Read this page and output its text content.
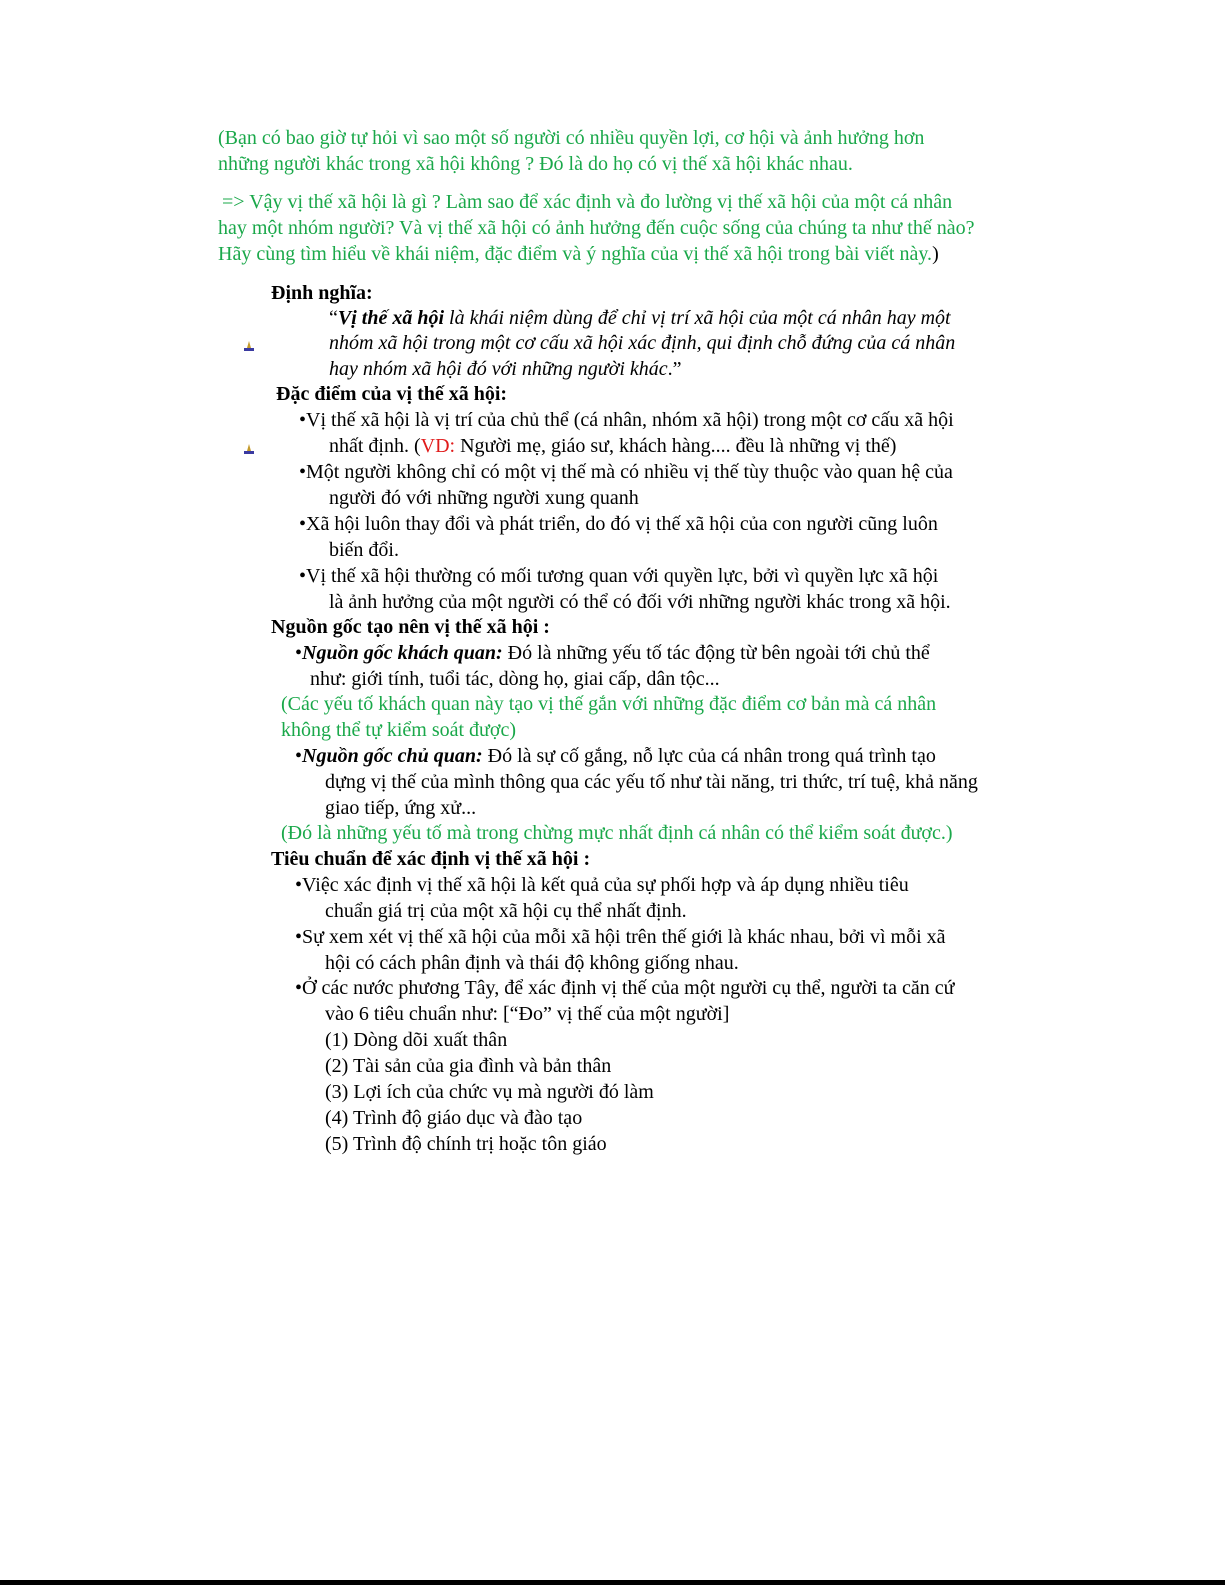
(Bạn có bao giờ tự hỏi vì sao một số người có nhiều quyền lợi, cơ hội và ảnh hưởng hơn
những người khác trong xã hội không ? Đó là do họ có vị thế xã hội khác nhau.
=> Vậy vị thế xã hội là gì ? Làm sao để xác định và đo lường vị thế xã hội của một cá nhân
hay một nhóm người? Và vị thế xã hội có ảnh hưởng đến cuộc sống của chúng ta như thế nào?
Hãy cùng tìm hiểu về khái niệm, đặc điểm và ý nghĩa của vị thế xã hội trong bài viết này.)
Định nghĩa:
“Vị thế xã hội là khái niệm dùng để chỉ vị trí xã hội của một cá nhân hay một
nhóm xã hội trong một cơ cấu xã hội xác định, qui định chỗ đứng của cá nhân
hay nhóm xã hội đó với những người khác.”
Đặc điểm của vị thế xã hội:
•Vị thế xã hội là vị trí của chủ thể (cá nhân, nhóm xã hội) trong một cơ cấu xã hội
nhất định. (VD: Người mẹ, giáo sư, khách hàng.... đều là những vị thế)
•Một người không chỉ có một vị thế mà có nhiều vị thế tùy thuộc vào quan hệ của
người đó với những người xung quanh
•Xã hội luôn thay đổi và phát triển, do đó vị thế xã hội của con người cũng luôn
biến đổi.
•Vị thế xã hội thường có mối tương quan với quyền lực, bởi vì quyền lực xã hội
là ảnh hưởng của một người có thể có đối với những người khác trong xã hội.
Nguồn gốc tạo nên vị thế xã hội :
•Nguồn gốc khách quan: Đó là những yếu tố tác động từ bên ngoài tới chủ thể
như: giới tính, tuổi tác, dòng họ, giai cấp, dân tộc...
(Các yếu tố khách quan này tạo vị thế gắn với những đặc điểm cơ bản mà cá nhân
không thể tự kiểm soát được)
•Nguồn gốc chủ quan: Đó là sự cố gắng, nỗ lực của cá nhân trong quá trình tạo
dựng vị thế của mình thông qua các yếu tố như tài năng, tri thức, trí tuệ, khả năng
giao tiếp, ứng xử...
(Đó là những yếu tố mà trong chừng mực nhất định cá nhân có thể kiểm soát được.)
Tiêu chuẩn để xác định vị thế xã hội :
•Việc xác định vị thế xã hội là kết quả của sự phối hợp và áp dụng nhiều tiêu
chuẩn giá trị của một xã hội cụ thể nhất định.
•Sự xem xét vị thế xã hội của mỗi xã hội trên thế giới là khác nhau, bởi vì mỗi xã
hội có cách phân định và thái độ không giống nhau.
•Ở các nước phương Tây, để xác định vị thế của một người cụ thể, người ta căn cứ
vào 6 tiêu chuẩn như: [“Đo” vị thế của một người]
(1) Dòng dõi xuất thân
(2) Tài sản của gia đình và bản thân
(3) Lợi ích của chức vụ mà người đó làm
(4) Trình độ giáo dục và đào tạo
(5) Trình độ chính trị hoặc tôn giáo
